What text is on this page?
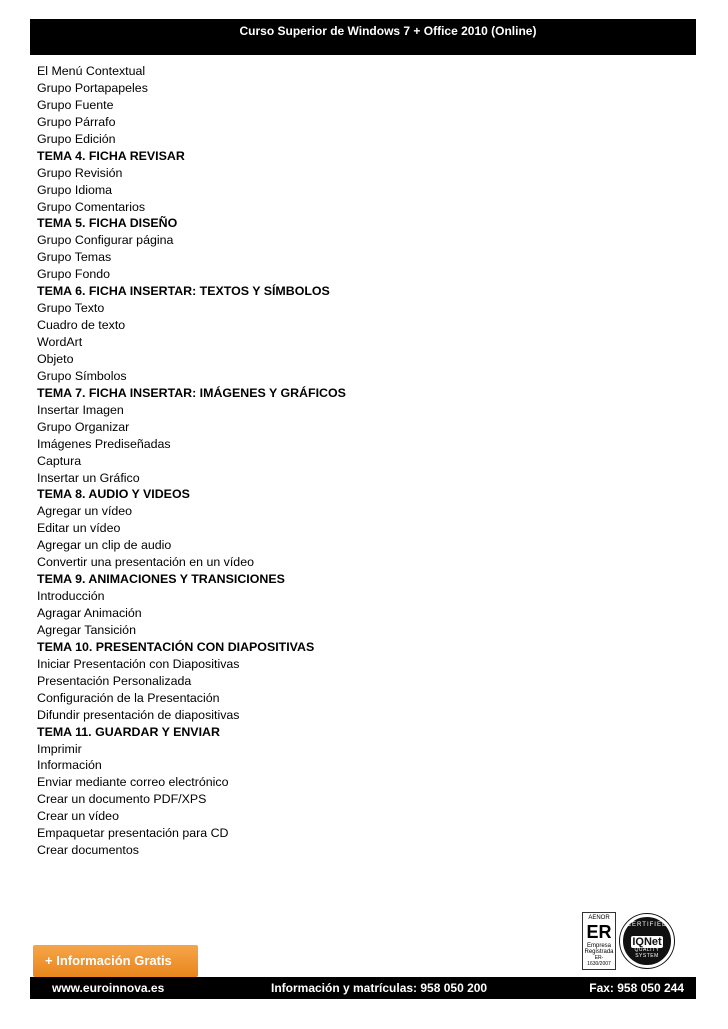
Curso Superior de Windows 7 + Office 2010 (Online)
El Menú Contextual
Grupo Portapapeles
Grupo Fuente
Grupo Párrafo
Grupo Edición
TEMA 4. FICHA REVISAR
Grupo Revisión
Grupo Idioma
Grupo Comentarios
TEMA 5. FICHA DISEÑO
Grupo Configurar página
Grupo Temas
Grupo Fondo
TEMA 6. FICHA INSERTAR: TEXTOS Y SÍMBOLOS
Grupo Texto
Cuadro de texto
WordArt
Objeto
Grupo Símbolos
TEMA 7. FICHA INSERTAR: IMÁGENES Y GRÁFICOS
Insertar Imagen
Grupo Organizar
Imágenes Prediseñadas
Captura
Insertar un Gráfico
TEMA 8. AUDIO Y VIDEOS
Agregar un vídeo
Editar un vídeo
Agregar un clip de audio
Convertir una presentación en un vídeo
TEMA 9. ANIMACIONES Y TRANSICIONES
Introducción
Agragar Animación
Agregar Tansición
TEMA 10. PRESENTACIÓN CON DIAPOSITIVAS
Iniciar Presentación con Diapositivas
Presentación Personalizada
Configuración de la Presentación
Difundir presentación de diapositivas
TEMA 11. GUARDAR Y ENVIAR
Imprimir
Información
Enviar mediante correo electrónico
Crear un documento PDF/XPS
Crear un vídeo
Empaquetar presentación para CD
Crear documentos
AENOR
ER
Empresa Registrada
ER-1630/2007
CERTIFIED
IQNet
QUALITY SYSTEM
+ Información Gratis
www.euroinnova.es	Información y matrículas: 958 050 200	Fax: 958 050 244
